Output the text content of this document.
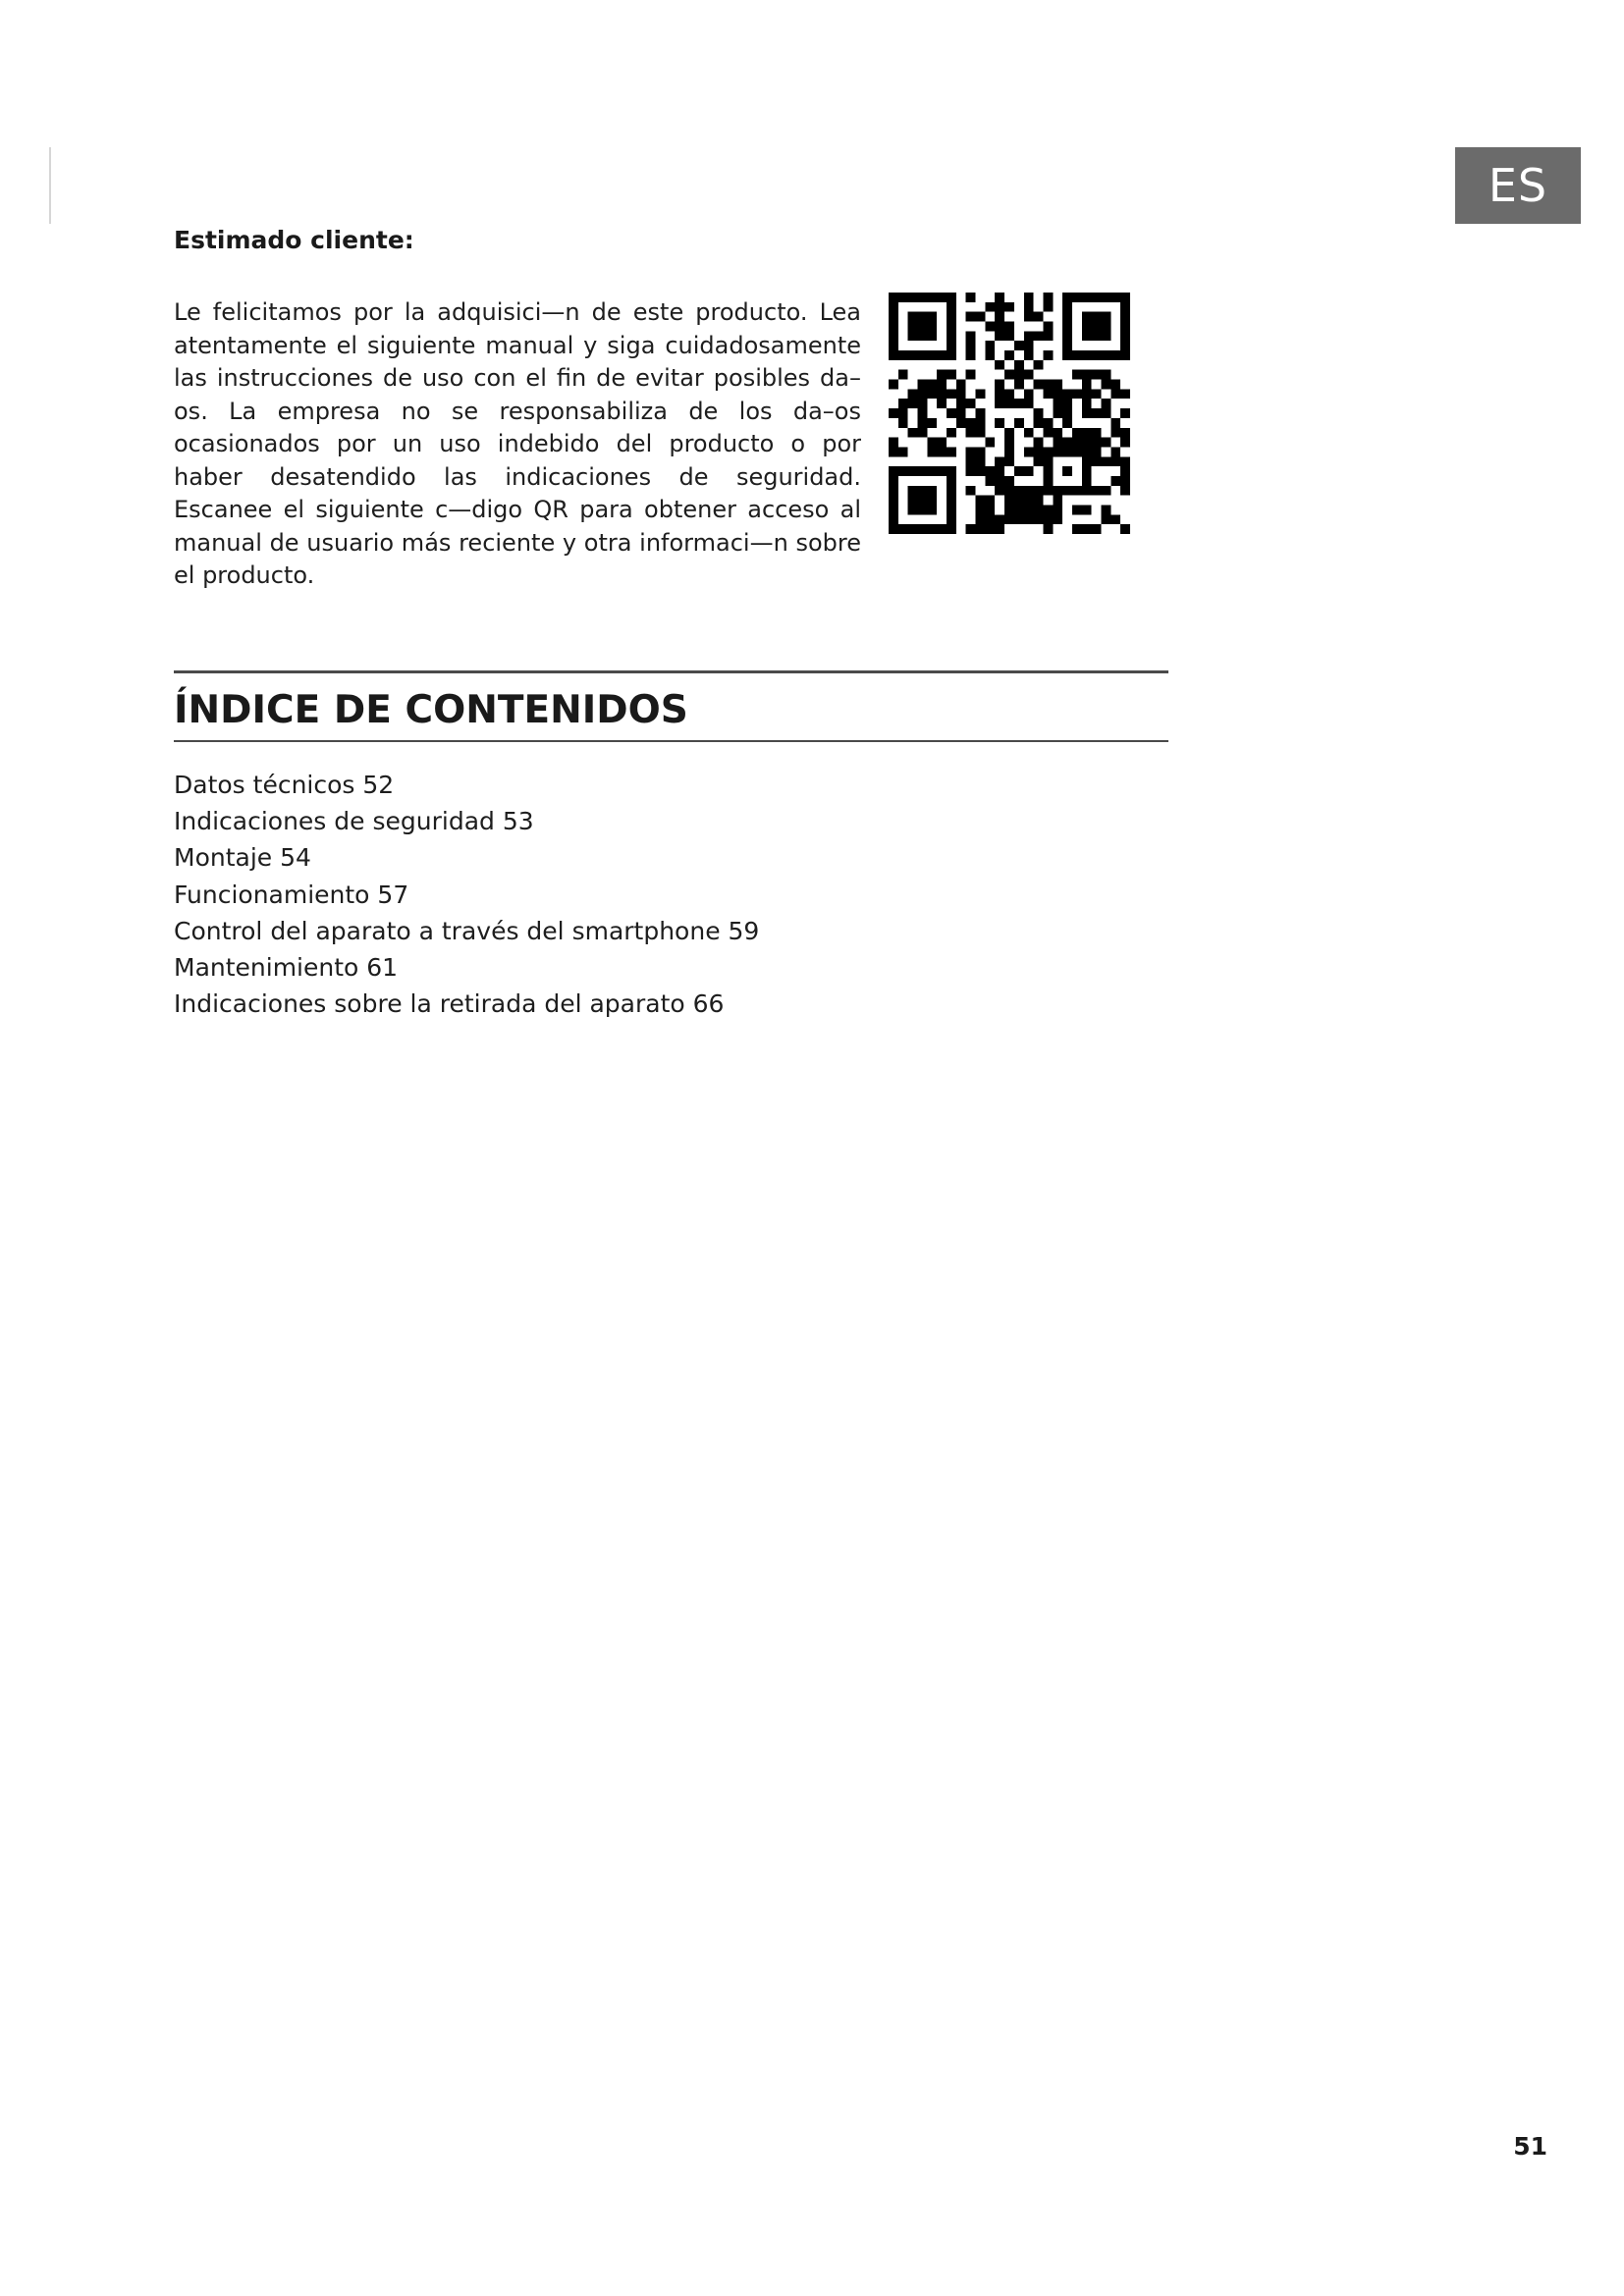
ES
Estimado cliente:

Le felicitamos por la adquisici—n de este producto. Lea atentamente el siguiente manual y siga cuidadosamente las instrucciones de uso con el fin de evitar posibles da–os. La empresa no se responsabiliza de los da–os ocasionados por un uso indebido del producto o por haber desatendido las indicaciones de seguridad. Escanee el siguiente c—digo QR para obtener acceso al manual de usuario más reciente y otra informaci—n sobre el producto.

ÍNDICE DE CONTENIDOS
Datos técnicos 52
Indicaciones de seguridad 53
Montaje 54
Funcionamiento 57
Control del aparato a través del smartphone 59
Mantenimiento 61
Indicaciones sobre la retirada del aparato 66
51
